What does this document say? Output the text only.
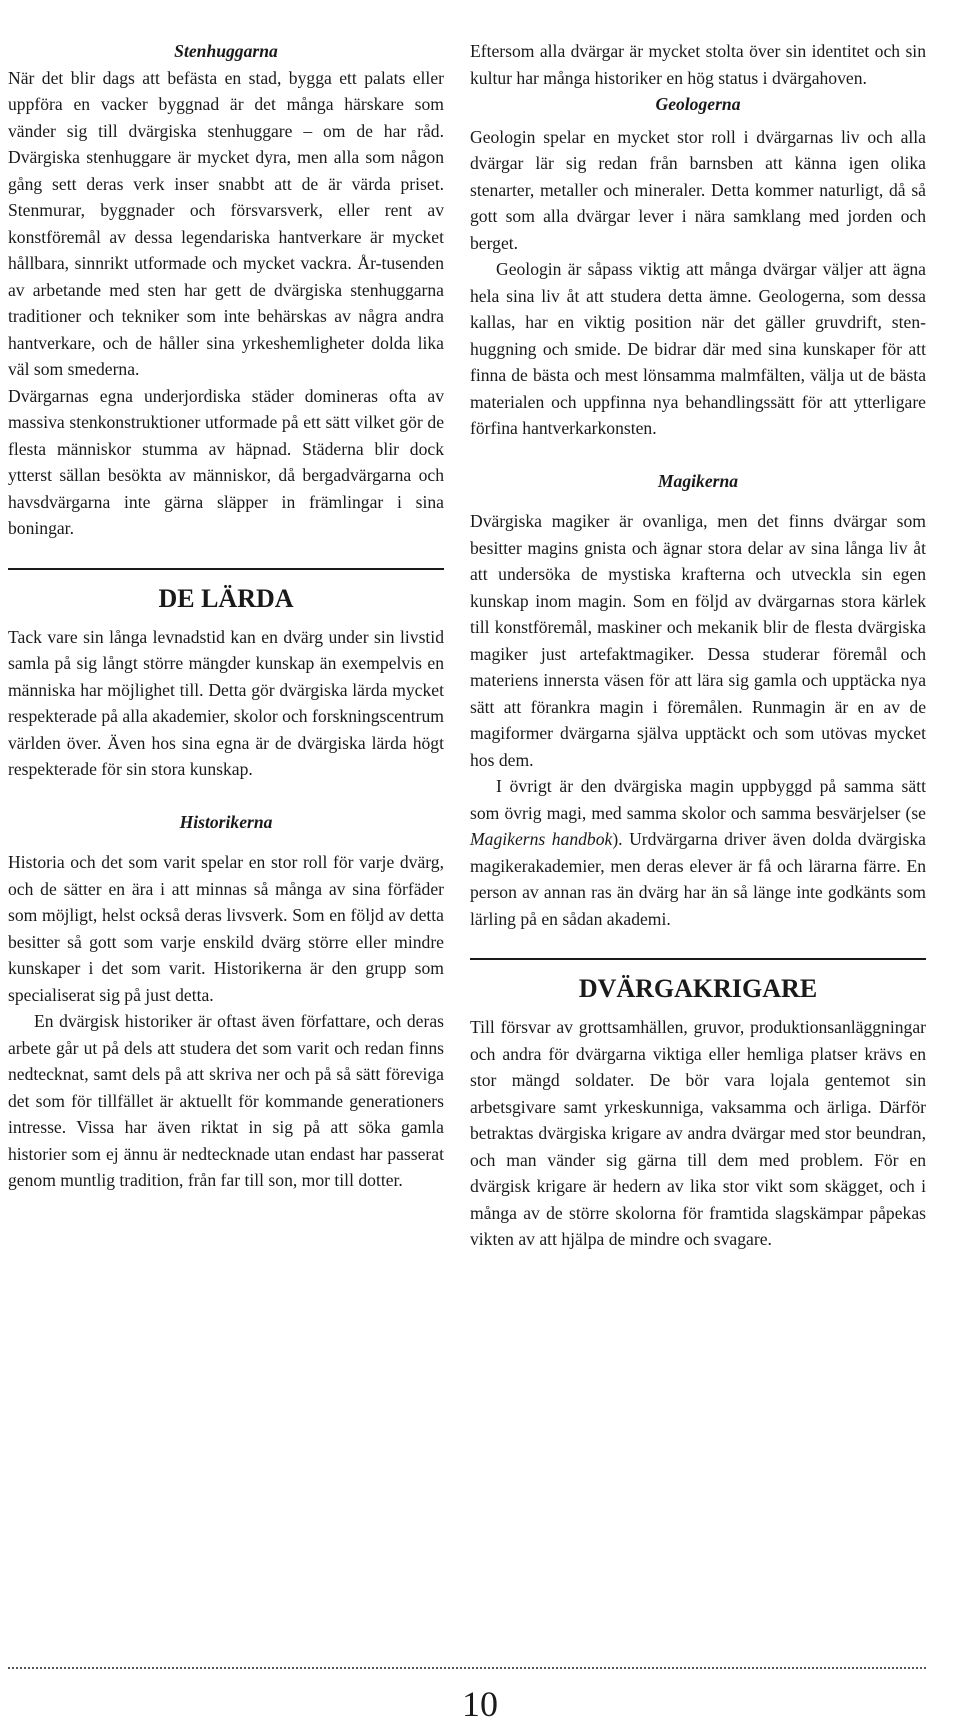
Stenhuggarna

När det blir dags att befästa en stad, bygga ett palats eller uppföra en vacker byggnad är det många härskare som vänder sig till dvärgiska stenhuggare – om de har råd. Dvärgiska stenhuggare är mycket dyra, men alla som någon gång sett deras verk inser snabbt att de är värda priset. Stenmurar, byggnader och försvarsverk, eller rent av konstföremål av dessa legendariska hantverkare är mycket hållbara, sinnrikt utformade och mycket vackra. År-tusenden av arbetande med sten har gett de dvärgiska stenhuggarna traditioner och tekniker som inte behärskas av några andra hantverkare, och de håller sina yrkeshemligheter dolda lika väl som smederna.

Dvärgarnas egna underjordiska städer domineras ofta av massiva stenkonstruktioner utformade på ett sätt vilket gör de flesta människor stumma av häpnad. Städerna blir dock ytterst sällan besökta av människor, då bergadvärgarna och havsdvärgarna inte gärna släpper in främlingar i sina boningar.

DE LÄRDA

Tack vare sin långa levnadstid kan en dvärg under sin livstid samla på sig långt större mängder kunskap än exempelvis en människa har möjlighet till. Detta gör dvärgiska lärda mycket respekterade på alla akademier, skolor och forskningscentrum världen över. Även hos sina egna är de dvärgiska lärda högt respekterade för sin stora kunskap.

Historikerna

Historia och det som varit spelar en stor roll för varje dvärg, och de sätter en ära i att minnas så många av sina förfäder som möjligt, helst också deras livsverk. Som en följd av detta besitter så gott som varje enskild dvärg större eller mindre kunskaper i det som varit. Historikerna är den grupp som specialiserat sig på just detta.

En dvärgisk historiker är oftast även författare, och deras arbete går ut på dels att studera det som varit och redan finns nedtecknat, samt dels på att skriva ner och på så sätt föreviga det som för tillfället är aktuellt för kommande generationers intresse. Vissa har även riktat in sig på att söka gamla historier som ej ännu är nedtecknade utan endast har passerat genom muntlig tradition, från far till son, mor till dotter.

Eftersom alla dvärgar är mycket stolta över sin identitet och sin kultur har många historiker en hög status i dvärgahoven.

Geologerna

Geologin spelar en mycket stor roll i dvärgarnas liv och alla dvärgar lär sig redan från barnsben att känna igen olika stenarter, metaller och mineraler. Detta kommer naturligt, då så gott som alla dvärgar lever i nära samklang med jorden och berget.

Geologin är såpass viktig att många dvärgar väljer att ägna hela sina liv åt att studera detta ämne. Geologerna, som dessa kallas, har en viktig position när det gäller gruvdrift, stenhuggning och smide. De bidrar där med sina kunskaper för att finna de bästa och mest lönsamma malmfälten, välja ut de bästa materialen och uppfinna nya behandlingssätt för att ytterligare förfina hantverkarkonsten.

Magikerna

Dvärgiska magiker är ovanliga, men det finns dvärgar som besitter magins gnista och ägnar stora delar av sina långa liv åt att undersöka de mystiska krafterna och utveckla sin egen kunskap inom magin. Som en följd av dvärgarnas stora kärlek till konstföremål, maskiner och mekanik blir de flesta dvärgiska magiker just artefaktmagiker. Dessa studerar föremål och materiens innersta väsen för att lära sig gamla och upptäcka nya sätt att förankra magin i föremålen. Runmagin är en av de magiformer dvärgarna själva upptäckt och som utövas mycket hos dem.

I övrigt är den dvärgiska magin uppbyggd på samma sätt som övrig magi, med samma skolor och samma besvärjelser (se Magikerns handbok). Urdvärgarna driver även dolda dvärgiska magikerakademier, men deras elever är få och lärarna färre. En person av annan ras än dvärg har än så länge inte godkänts som lärling på en sådan akademi.

DVÄRGAKRIGARE

Till försvar av grottsamhällen, gruvor, produktionsanläggningar och andra för dvärgarna viktiga eller hemliga platser krävs en stor mängd soldater. De bör vara lojala gentemot sin arbetsgivare samt yrkeskunniga, vaksamma och ärliga. Därför betraktas dvärgiska krigare av andra dvärgar med stor beundran, och man vänder sig gärna till dem med problem. För en dvärgisk krigare är hedern av lika stor vikt som skägget, och i många av de större skolorna för framtida slagskämpar påpekas vikten av att hjälpa de mindre och svagare.

10
